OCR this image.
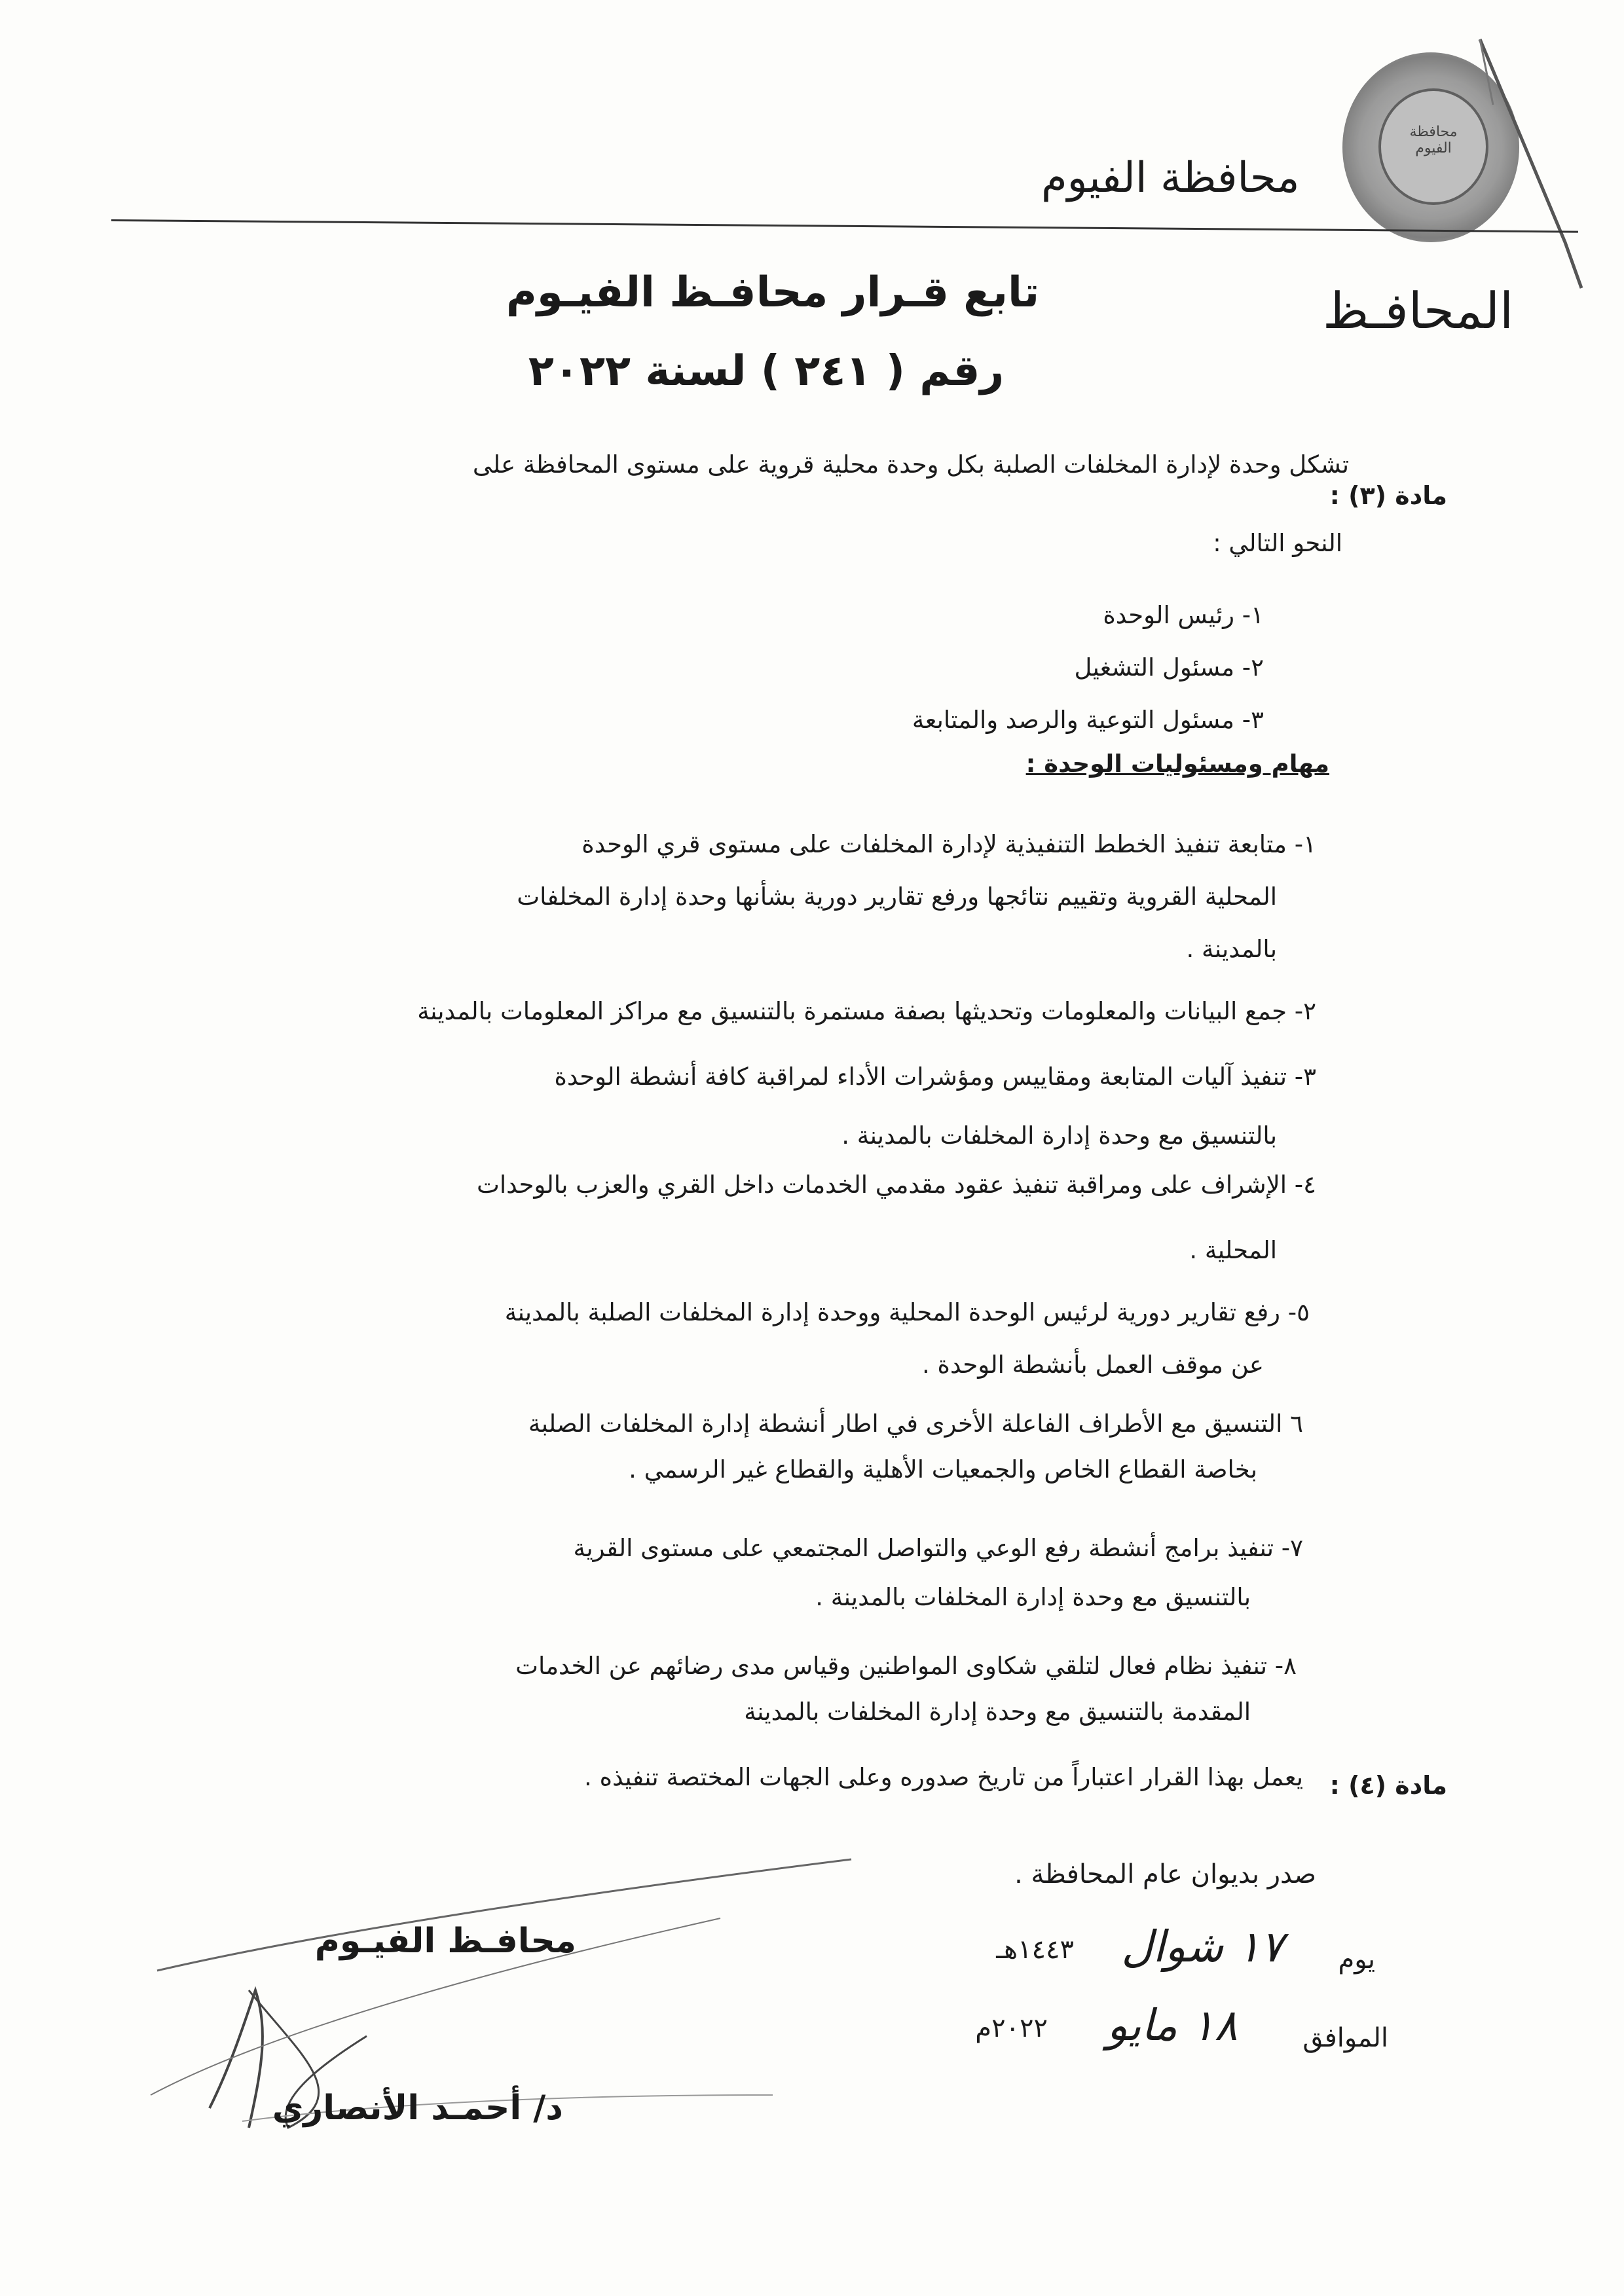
محافظة الفيوم
محافظة الفيوم
المحافـظ
تابع قـرار محافـظ الفيـوم
رقم ( ٢٤١ ) لسنة ٢٠٢٢
مادة (٣) :
تشكل وحدة لإدارة المخلفات الصلبة بكل وحدة محلية قروية على مستوى المحافظة على
النحو التالي :
١- رئيس الوحدة
٢- مسئول التشغيل
٣- مسئول التوعية والرصد والمتابعة
مهام ومسئوليات الوحدة :
١- متابعة تنفيذ الخطط التنفيذية لإدارة المخلفات على مستوى قري الوحدة
المحلية القروية وتقييم نتائجها ورفع تقارير دورية بشأنها وحدة إدارة المخلفات
بالمدينة .
٢- جمع البيانات والمعلومات وتحديثها بصفة مستمرة بالتنسيق مع مراكز المعلومات بالمدينة
٣- تنفيذ آليات المتابعة ومقاييس ومؤشرات الأداء لمراقبة كافة أنشطة الوحدة
بالتنسيق مع وحدة إدارة المخلفات بالمدينة .
٤- الإشراف على ومراقبة تنفيذ عقود مقدمي الخدمات داخل القري والعزب بالوحدات
المحلية .
٥- رفع تقارير دورية لرئيس الوحدة المحلية ووحدة إدارة المخلفات الصلبة بالمدينة
عن موقف العمل بأنشطة الوحدة .
٦ التنسيق مع الأطراف الفاعلة الأخرى في اطار أنشطة إدارة المخلفات الصلبة
بخاصة القطاع الخاص والجمعيات الأهلية والقطاع غير الرسمي .
٧- تنفيذ برامج أنشطة رفع الوعي والتواصل المجتمعي على مستوى القرية
بالتنسيق مع وحدة إدارة المخلفات بالمدينة .
٨- تنفيذ نظام فعال لتلقي شكاوى المواطنين وقياس مدى رضائهم عن الخدمات
المقدمة بالتنسيق مع وحدة إدارة المخلفات بالمدينة
مادة (٤) :
يعمل بهذا القرار اعتباراً من تاريخ صدوره وعلى الجهات المختصة تنفيذه .
صدر بديوان عام المحافظة .
يوم
١٧ شوال
١٤٤٣هـ
الموافق
١٨ مايو
٢٠٢٢م
محافـظ الفيـوم
د/ أحمـد الأنصاري
